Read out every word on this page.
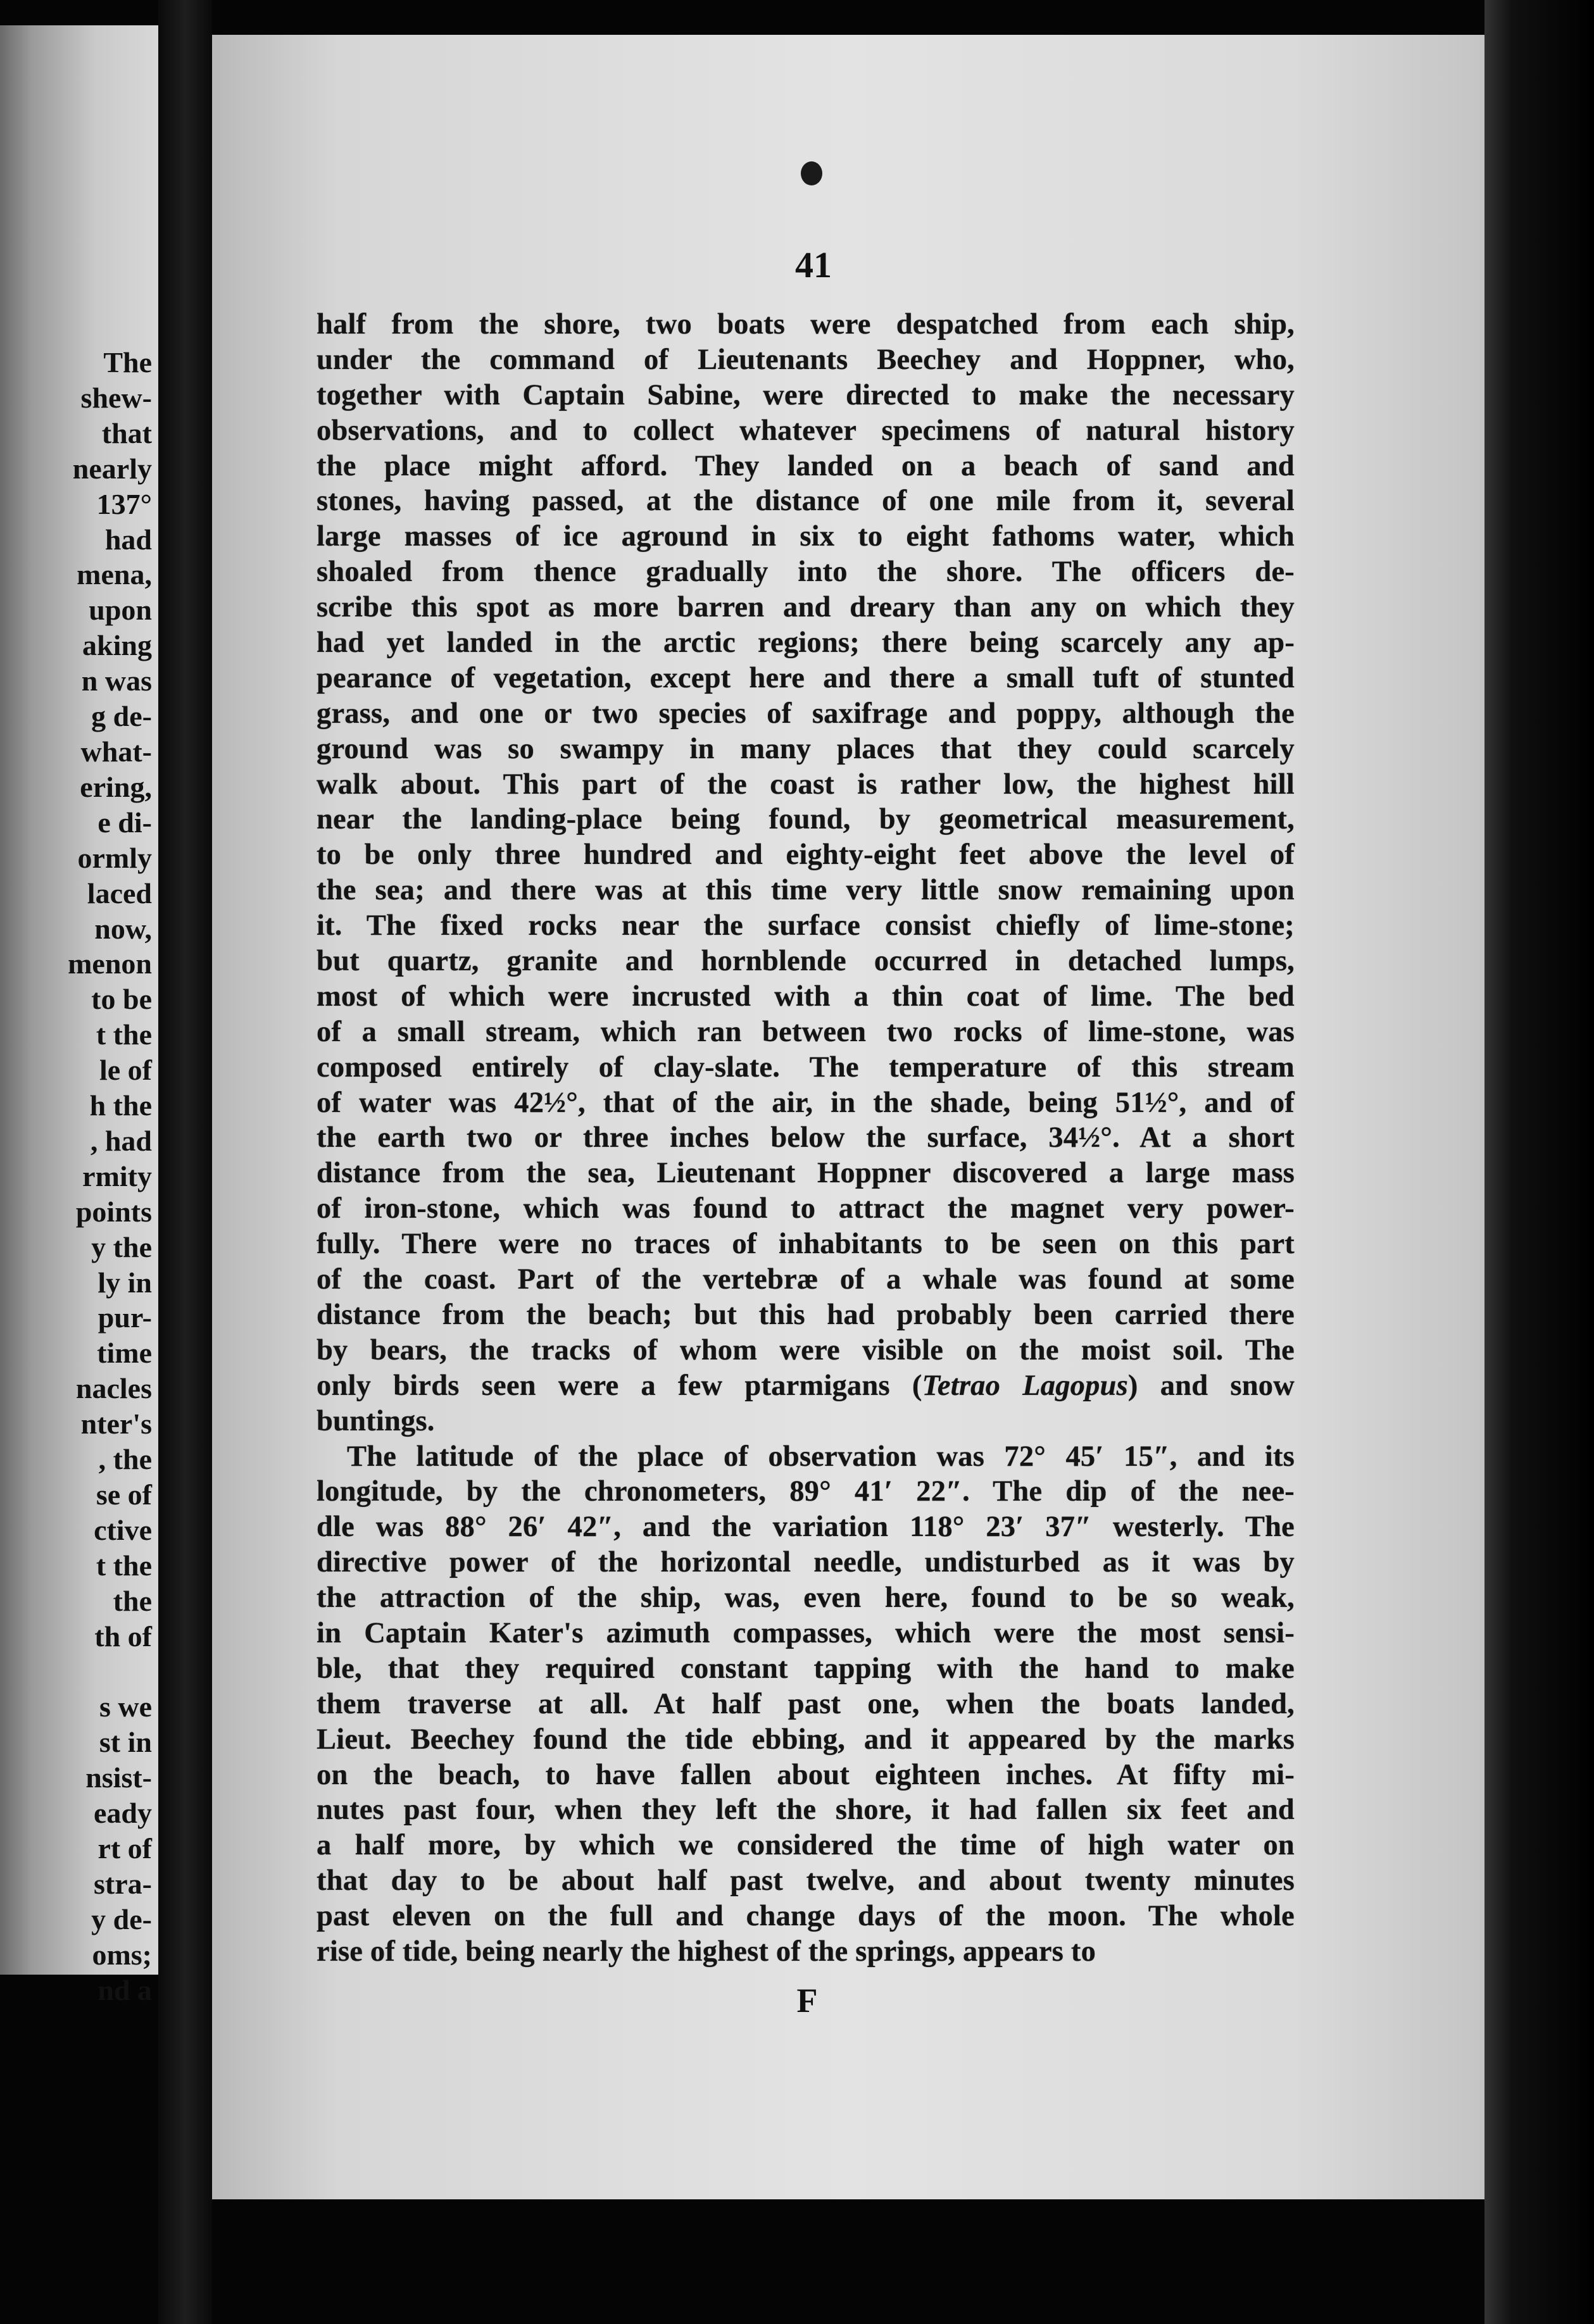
The
shew-
that
nearly
137°
had
mena,
upon
aking
n was
g de-
what-
ering,
e di-
ormly
laced
now,
menon
to be
t the
le of
h the
, had
rmity
points
y the
ly in
pur-
time
nacles
nter's
, the
se of
ctive
t the
the
th of

s we
st in
nsist-
eady
rt of
stra-
y de-
oms;
nd a
41
half from the shore, two boats were despatched from each ship,
under the command of Lieutenants Beechey and Hoppner, who,
together with Captain Sabine, were directed to make the necessary
observations, and to collect whatever specimens of natural history
the place might afford. They landed on a beach of sand and
stones, having passed, at the distance of one mile from it, several
large masses of ice aground in six to eight fathoms water, which
shoaled from thence gradually into the shore. The officers de-
scribe this spot as more barren and dreary than any on which they
had yet landed in the arctic regions; there being scarcely any ap-
pearance of vegetation, except here and there a small tuft of stunted
grass, and one or two species of saxifrage and poppy, although the
ground was so swampy in many places that they could scarcely
walk about. This part of the coast is rather low, the highest hill
near the landing-place being found, by geometrical measurement,
to be only three hundred and eighty-eight feet above the level of
the sea; and there was at this time very little snow remaining upon
it. The fixed rocks near the surface consist chiefly of lime-stone;
but quartz, granite and hornblende occurred in detached lumps,
most of which were incrusted with a thin coat of lime. The bed
of a small stream, which ran between two rocks of lime-stone, was
composed entirely of clay-slate. The temperature of this stream
of water was 42½°, that of the air, in the shade, being 51½°, and of
the earth two or three inches below the surface, 34½°. At a short
distance from the sea, Lieutenant Hoppner discovered a large mass
of iron-stone, which was found to attract the magnet very power-
fully. There were no traces of inhabitants to be seen on this part
of the coast. Part of the vertebræ of a whale was found at some
distance from the beach; but this had probably been carried there
by bears, the tracks of whom were visible on the moist soil. The
only birds seen were a few ptarmigans (Tetrao Lagopus) and snow
buntings.
The latitude of the place of observation was 72° 45′ 15″, and its
longitude, by the chronometers, 89° 41′ 22″. The dip of the nee-
dle was 88° 26′ 42″, and the variation 118° 23′ 37″ westerly. The
directive power of the horizontal needle, undisturbed as it was by
the attraction of the ship, was, even here, found to be so weak,
in Captain Kater's azimuth compasses, which were the most sensi-
ble, that they required constant tapping with the hand to make
them traverse at all. At half past one, when the boats landed,
Lieut. Beechey found the tide ebbing, and it appeared by the marks
on the beach, to have fallen about eighteen inches. At fifty mi-
nutes past four, when they left the shore, it had fallen six feet and
a half more, by which we considered the time of high water on
that day to be about half past twelve, and about twenty minutes
past eleven on the full and change days of the moon. The whole
rise of tide, being nearly the highest of the springs, appears to
F
